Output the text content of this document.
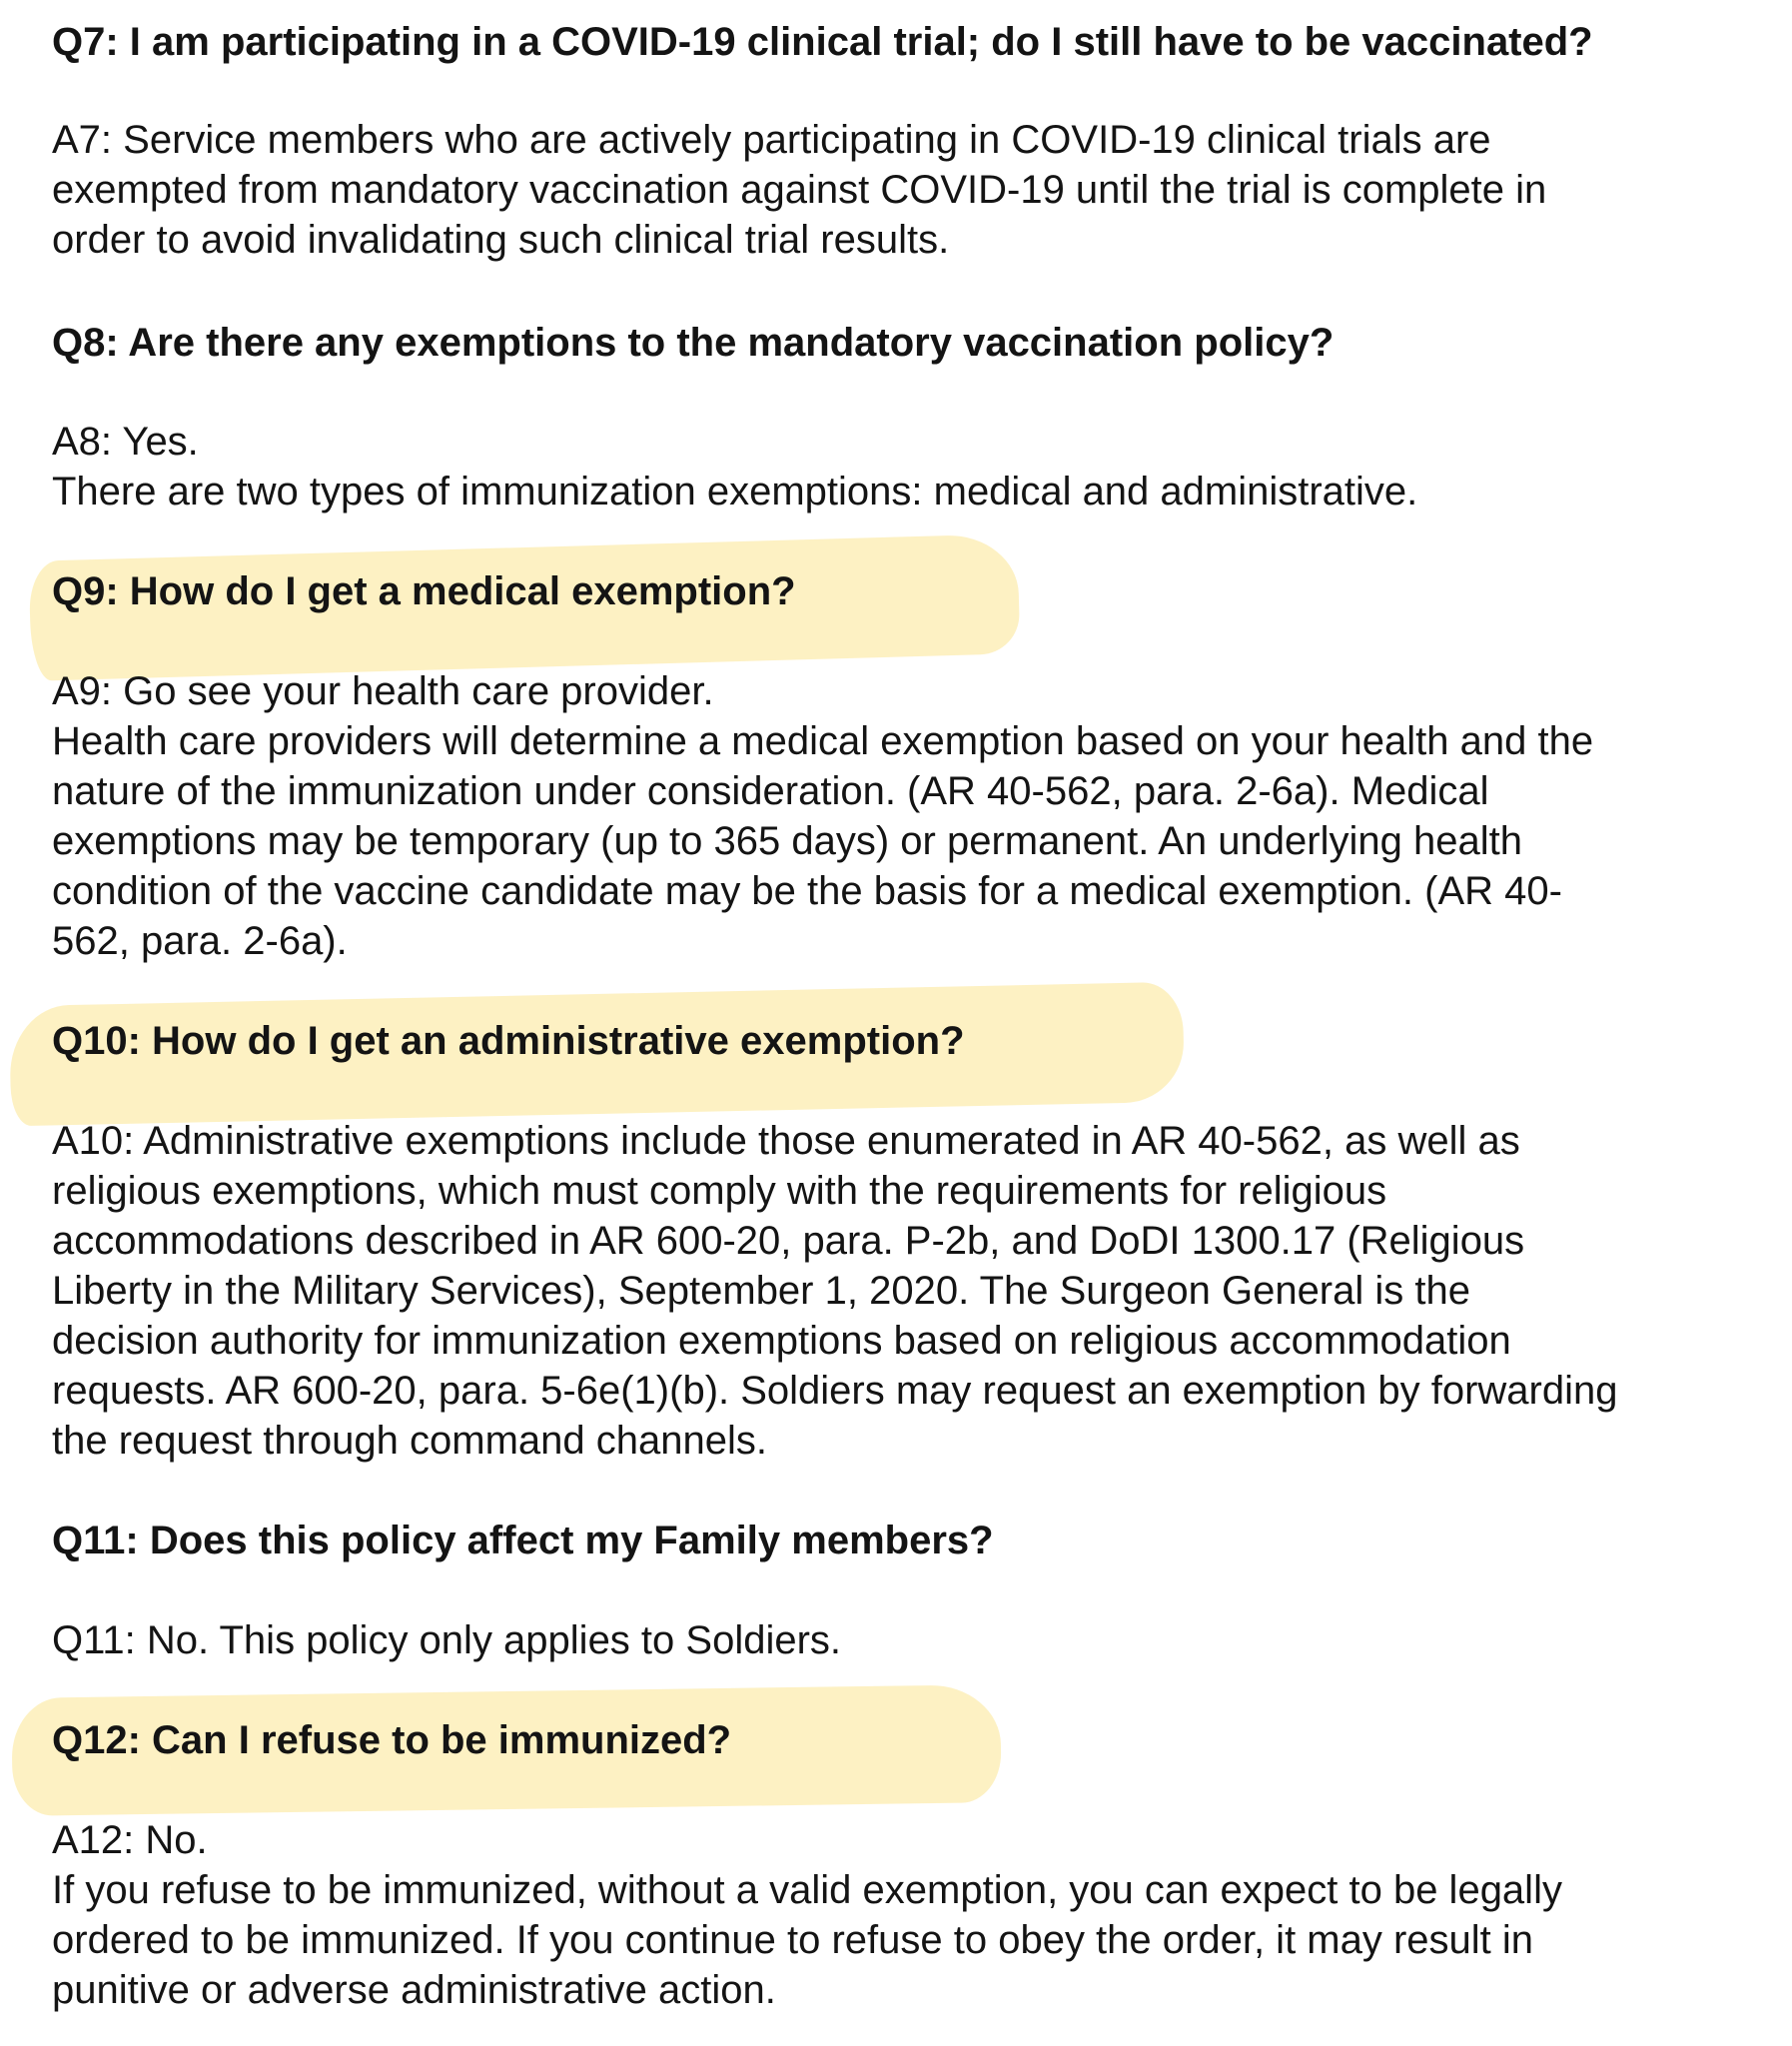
Q7: I am participating in a COVID-19 clinical trial; do I still have to be vaccinated?

A7: Service members who are actively participating in COVID-19 clinical trials are
exempted from mandatory vaccination against COVID-19 until the trial is complete in
order to avoid invalidating such clinical trial results.

Q8: Are there any exemptions to the mandatory vaccination policy?

A8: Yes.
There are two types of immunization exemptions: medical and administrative.

Q9: How do I get a medical exemption?

A9: Go see your health care provider.
Health care providers will determine a medical exemption based on your health and the
nature of the immunization under consideration. (AR 40-562, para. 2-6a). Medical
exemptions may be temporary (up to 365 days) or permanent. An underlying health
condition of the vaccine candidate may be the basis for a medical exemption. (AR 40-
562, para. 2-6a).

Q10: How do I get an administrative exemption?

A10: Administrative exemptions include those enumerated in AR 40-562, as well as
religious exemptions, which must comply with the requirements for religious
accommodations described in AR 600-20, para. P-2b, and DoDI 1300.17 (Religious
Liberty in the Military Services), September 1, 2020. The Surgeon General is the
decision authority for immunization exemptions based on religious accommodation
requests. AR 600-20, para. 5-6e(1)(b). Soldiers may request an exemption by forwarding
the request through command channels.

Q11: Does this policy affect my Family members?

Q11: No. This policy only applies to Soldiers.

Q12: Can I refuse to be immunized?

A12: No.
If you refuse to be immunized, without a valid exemption, you can expect to be legally
ordered to be immunized. If you continue to refuse to obey the order, it may result in
punitive or adverse administrative action.
